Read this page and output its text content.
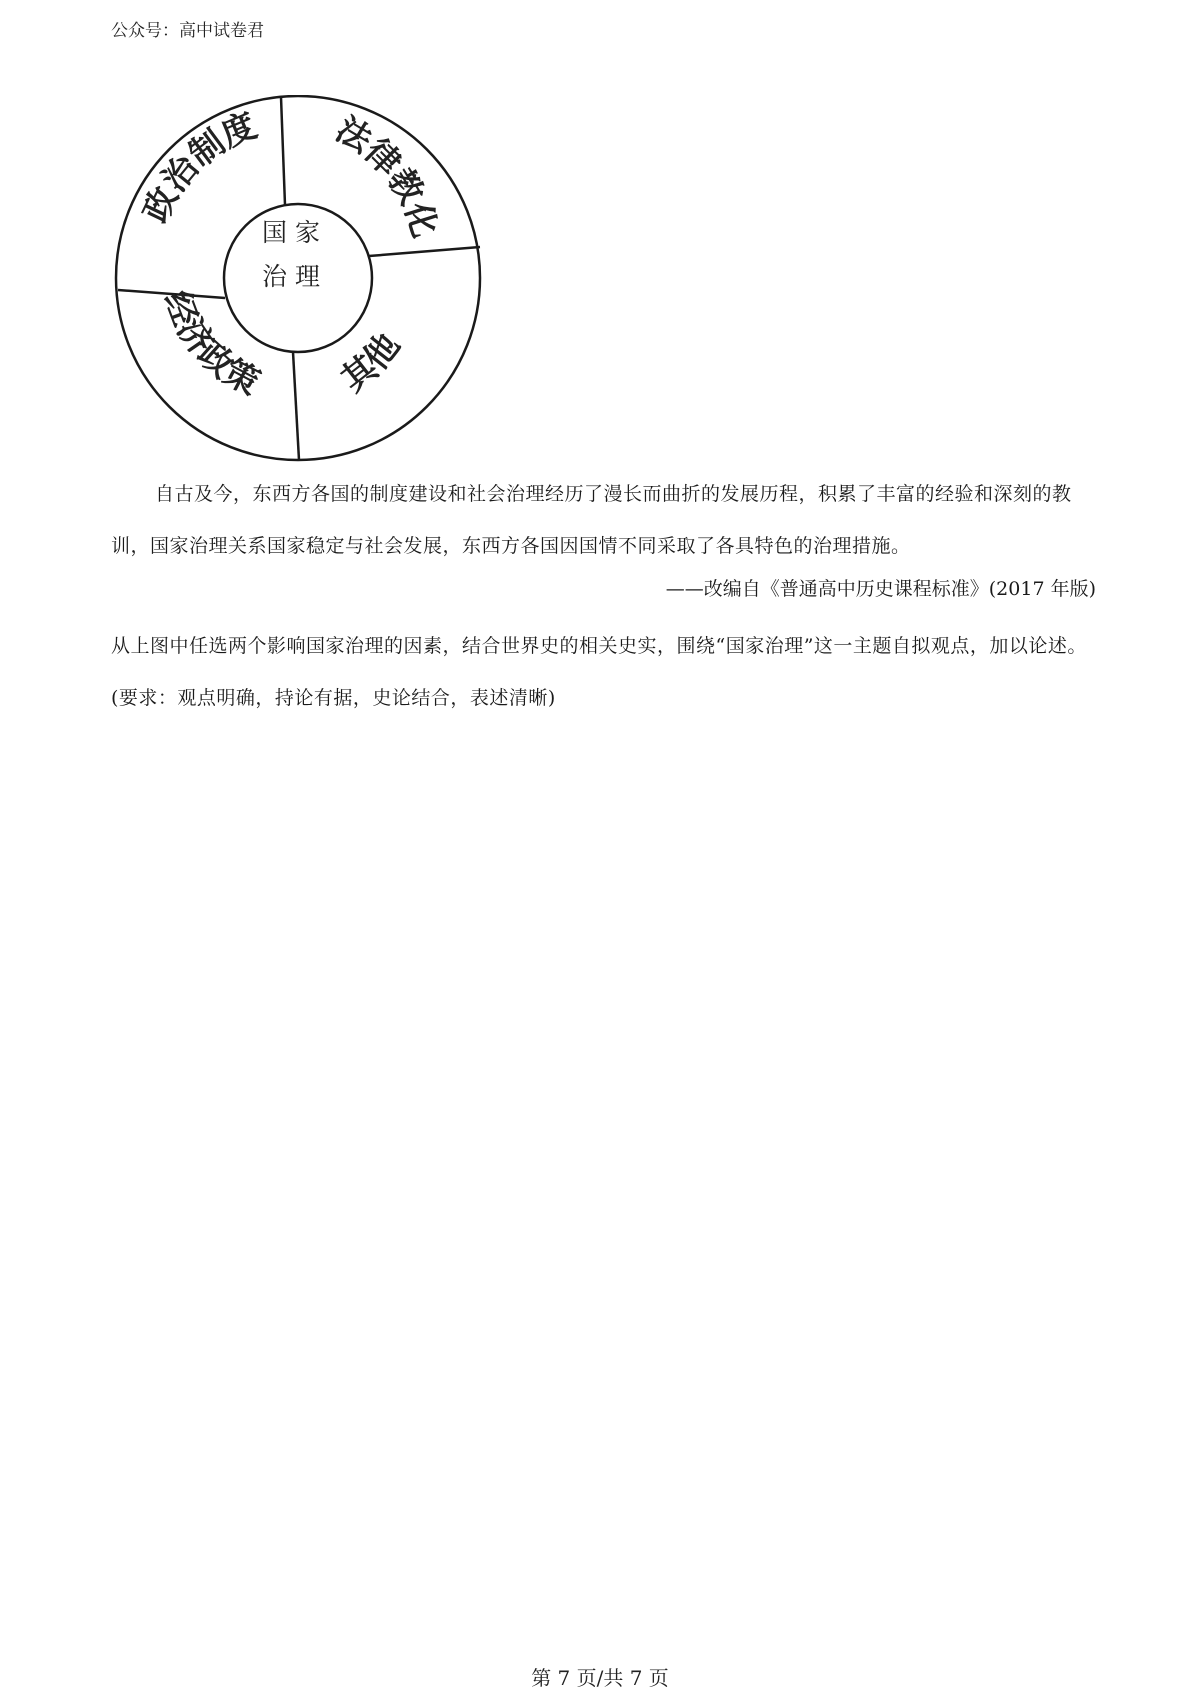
公众号：高中试卷君
政治制度 法律教化
经济政策 其他
国 家
治 理
自古及今，东西方各国的制度建设和社会治理经历了漫长而曲折的发展历程，积累了丰富的经验和深刻的教训，国家治理关系国家稳定与社会发展，东西方各国因国情不同采取了各具特色的治理措施。
——改编自《普通高中历史课程标准》(2017 年版)
从上图中任选两个影响国家治理的因素，结合世界史的相关史实，围绕“国家治理”这一主题自拟观点，加以论述。(要求：观点明确，持论有据，史论结合，表述清晰)
第 7 页/共 7 页
